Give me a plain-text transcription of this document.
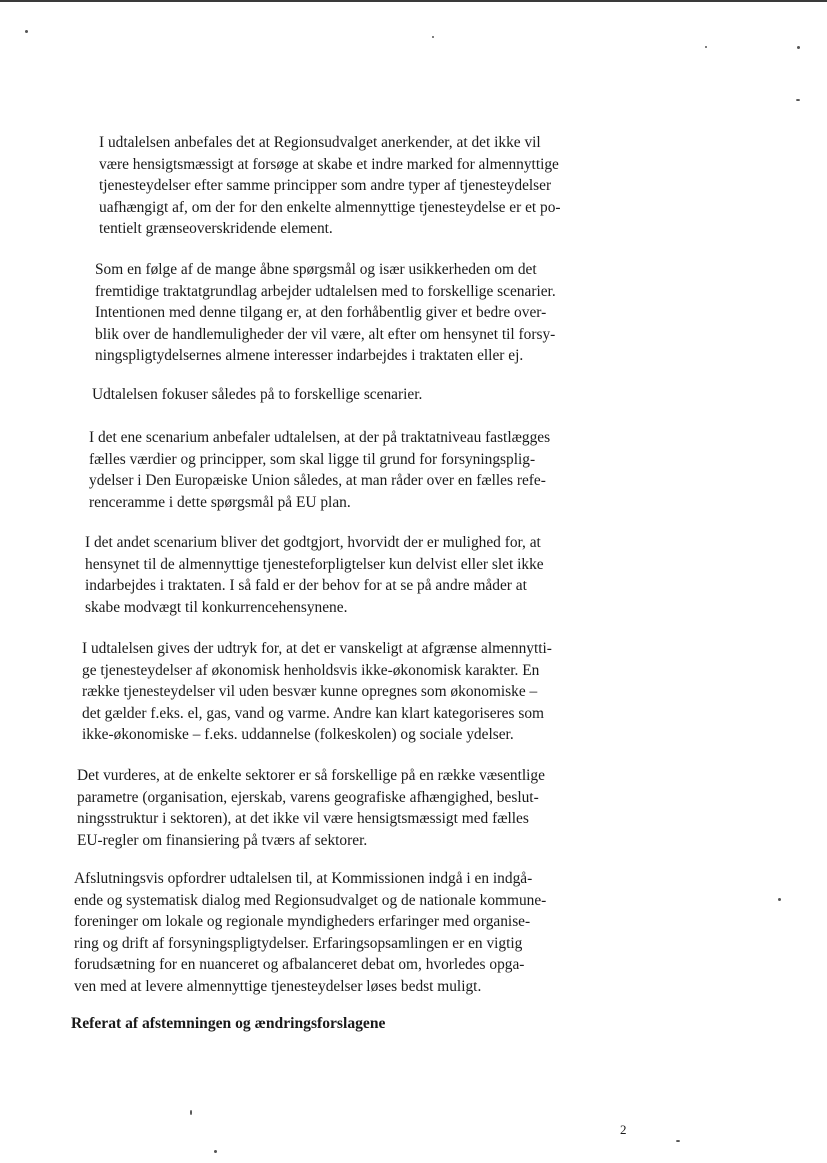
I udtalelsen anbefales det at Regionsudvalget anerkender, at det ikke vil
være hensigtsmæssigt at forsøge at skabe et indre marked for almennyttige
tjenesteydelser efter samme principper som andre typer af tjenesteydelser
uafhængigt af, om der for den enkelte almennyttige tjenesteydelse er et po-
tentielt grænseoverskridende element.
Som en følge af de mange åbne spørgsmål og især usikkerheden om det
fremtidige traktatgrundlag arbejder udtalelsen med to forskellige scenarier.
Intentionen med denne tilgang er, at den forhåbentlig giver et bedre over-
blik over de handlemuligheder der vil være, alt efter om hensynet til forsy-
ningspligtydelsernes almene interesser indarbejdes i traktaten eller ej.
Udtalelsen fokuser således på to forskellige scenarier.
I det ene scenarium anbefaler udtalelsen, at der på traktatniveau fastlægges
fælles værdier og principper, som skal ligge til grund for forsyningsplig-
ydelser i Den Europæiske Union således, at man råder over en fælles refe-
renceramme i dette spørgsmål på EU plan.
I det andet scenarium bliver det godtgjort, hvorvidt der er mulighed for, at
hensynet til de almennyttige tjenesteforpligtelser kun delvist eller slet ikke
indarbejdes i traktaten. I så fald er der behov for at se på andre måder at
skabe modvægt til konkurrencehensynene.
I udtalelsen gives der udtryk for, at det er vanskeligt at afgrænse almennytti-
ge tjenesteydelser af økonomisk henholdsvis ikke-økonomisk karakter. En
række tjenesteydelser vil uden besvær kunne opregnes som økonomiske –
det gælder f.eks. el, gas, vand og varme. Andre kan klart kategoriseres som
ikke-økonomiske – f.eks. uddannelse (folkeskolen) og sociale ydelser.
Det vurderes, at de enkelte sektorer er så forskellige på en række væsentlige
parametre (organisation, ejerskab, varens geografiske afhængighed, beslut-
ningsstruktur i sektoren), at det ikke vil være hensigtsmæssigt med fælles
EU-regler om finansiering på tværs af sektorer.
Afslutningsvis opfordrer udtalelsen til, at Kommissionen indgå i en indgå-
ende og systematisk dialog med Regionsudvalget og de nationale kommune-
foreninger om lokale og regionale myndigheders erfaringer med organise-
ring og drift af forsyningspligtydelser. Erfaringsopsamlingen er en vigtig
forudsætning for en nuanceret og afbalanceret debat om, hvorledes opga-
ven med at levere almennyttige tjenesteydelser løses bedst muligt.

Referat af afstemningen og ændringsforslagene

2
